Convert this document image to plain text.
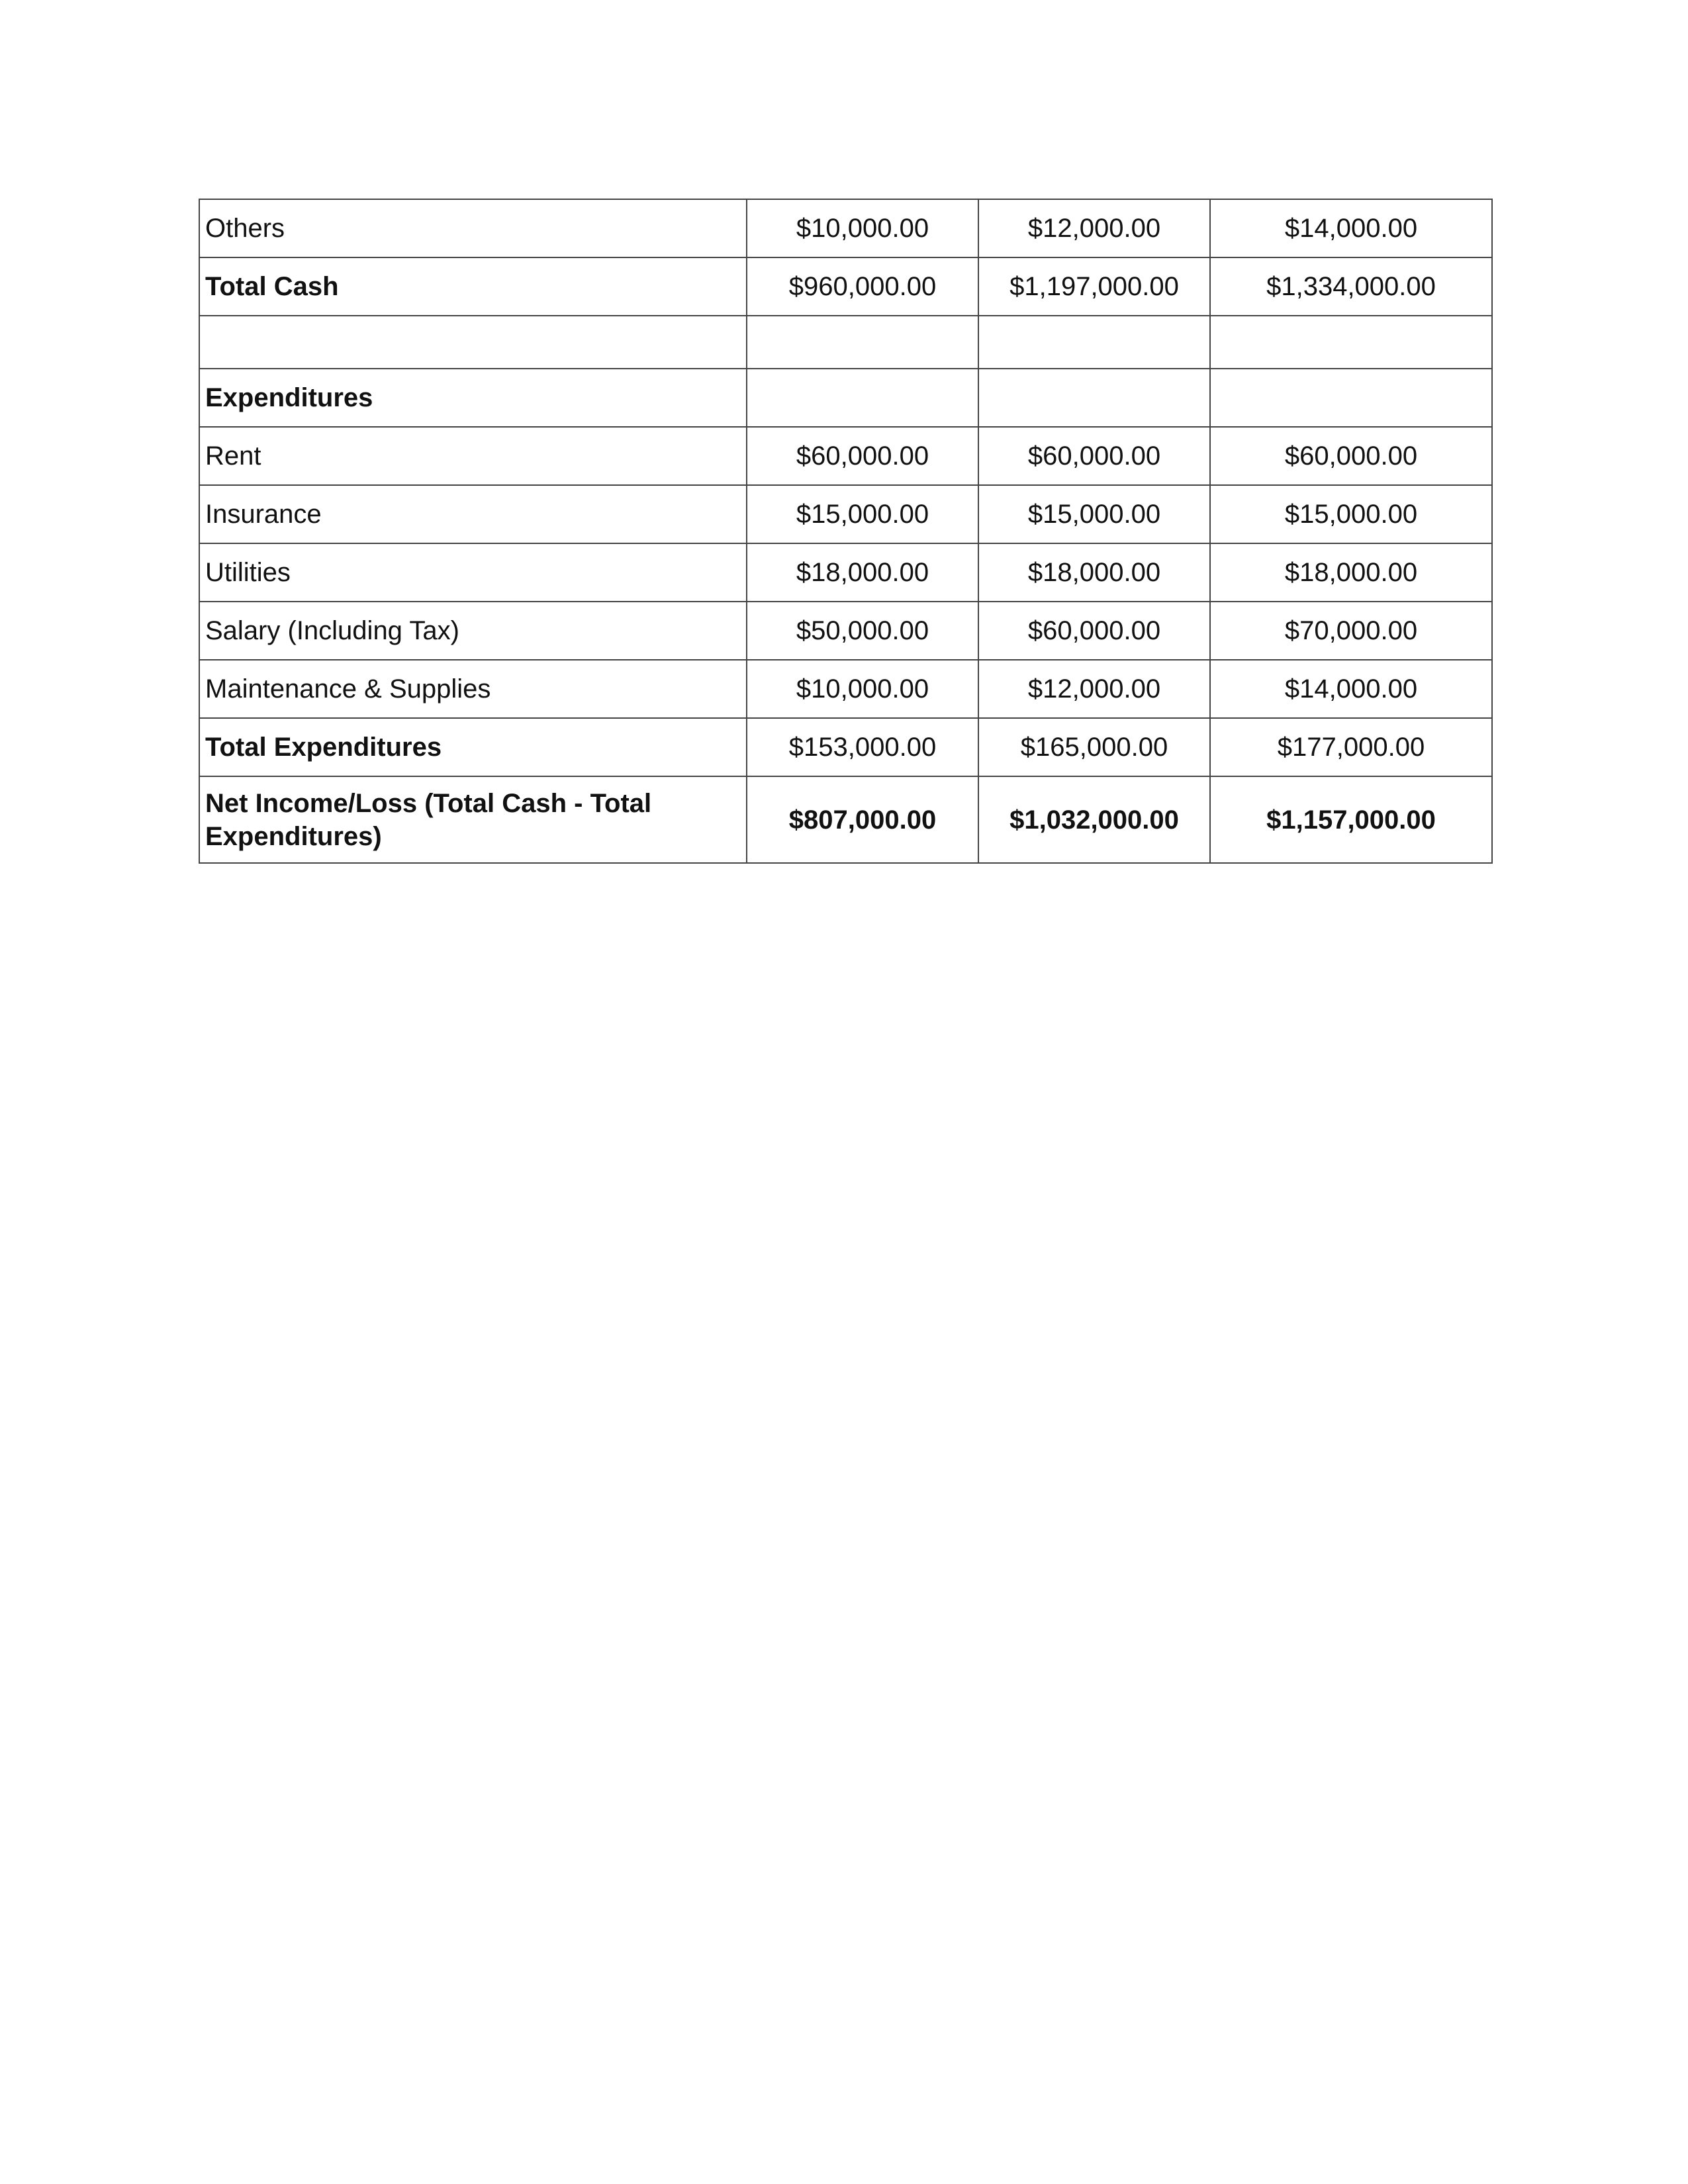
Others	$10,000.00	$12,000.00	$14,000.00
Total Cash	$960,000.00	$1,197,000.00	$1,334,000.00

Expenditures			
Rent	$60,000.00	$60,000.00	$60,000.00
Insurance	$15,000.00	$15,000.00	$15,000.00
Utilities	$18,000.00	$18,000.00	$18,000.00
Salary (Including Tax)	$50,000.00	$60,000.00	$70,000.00
Maintenance & Supplies	$10,000.00	$12,000.00	$14,000.00
Total Expenditures	$153,000.00	$165,000.00	$177,000.00
Net Income/Loss (Total Cash - Total Expenditures)	$807,000.00	$1,032,000.00	$1,157,000.00
